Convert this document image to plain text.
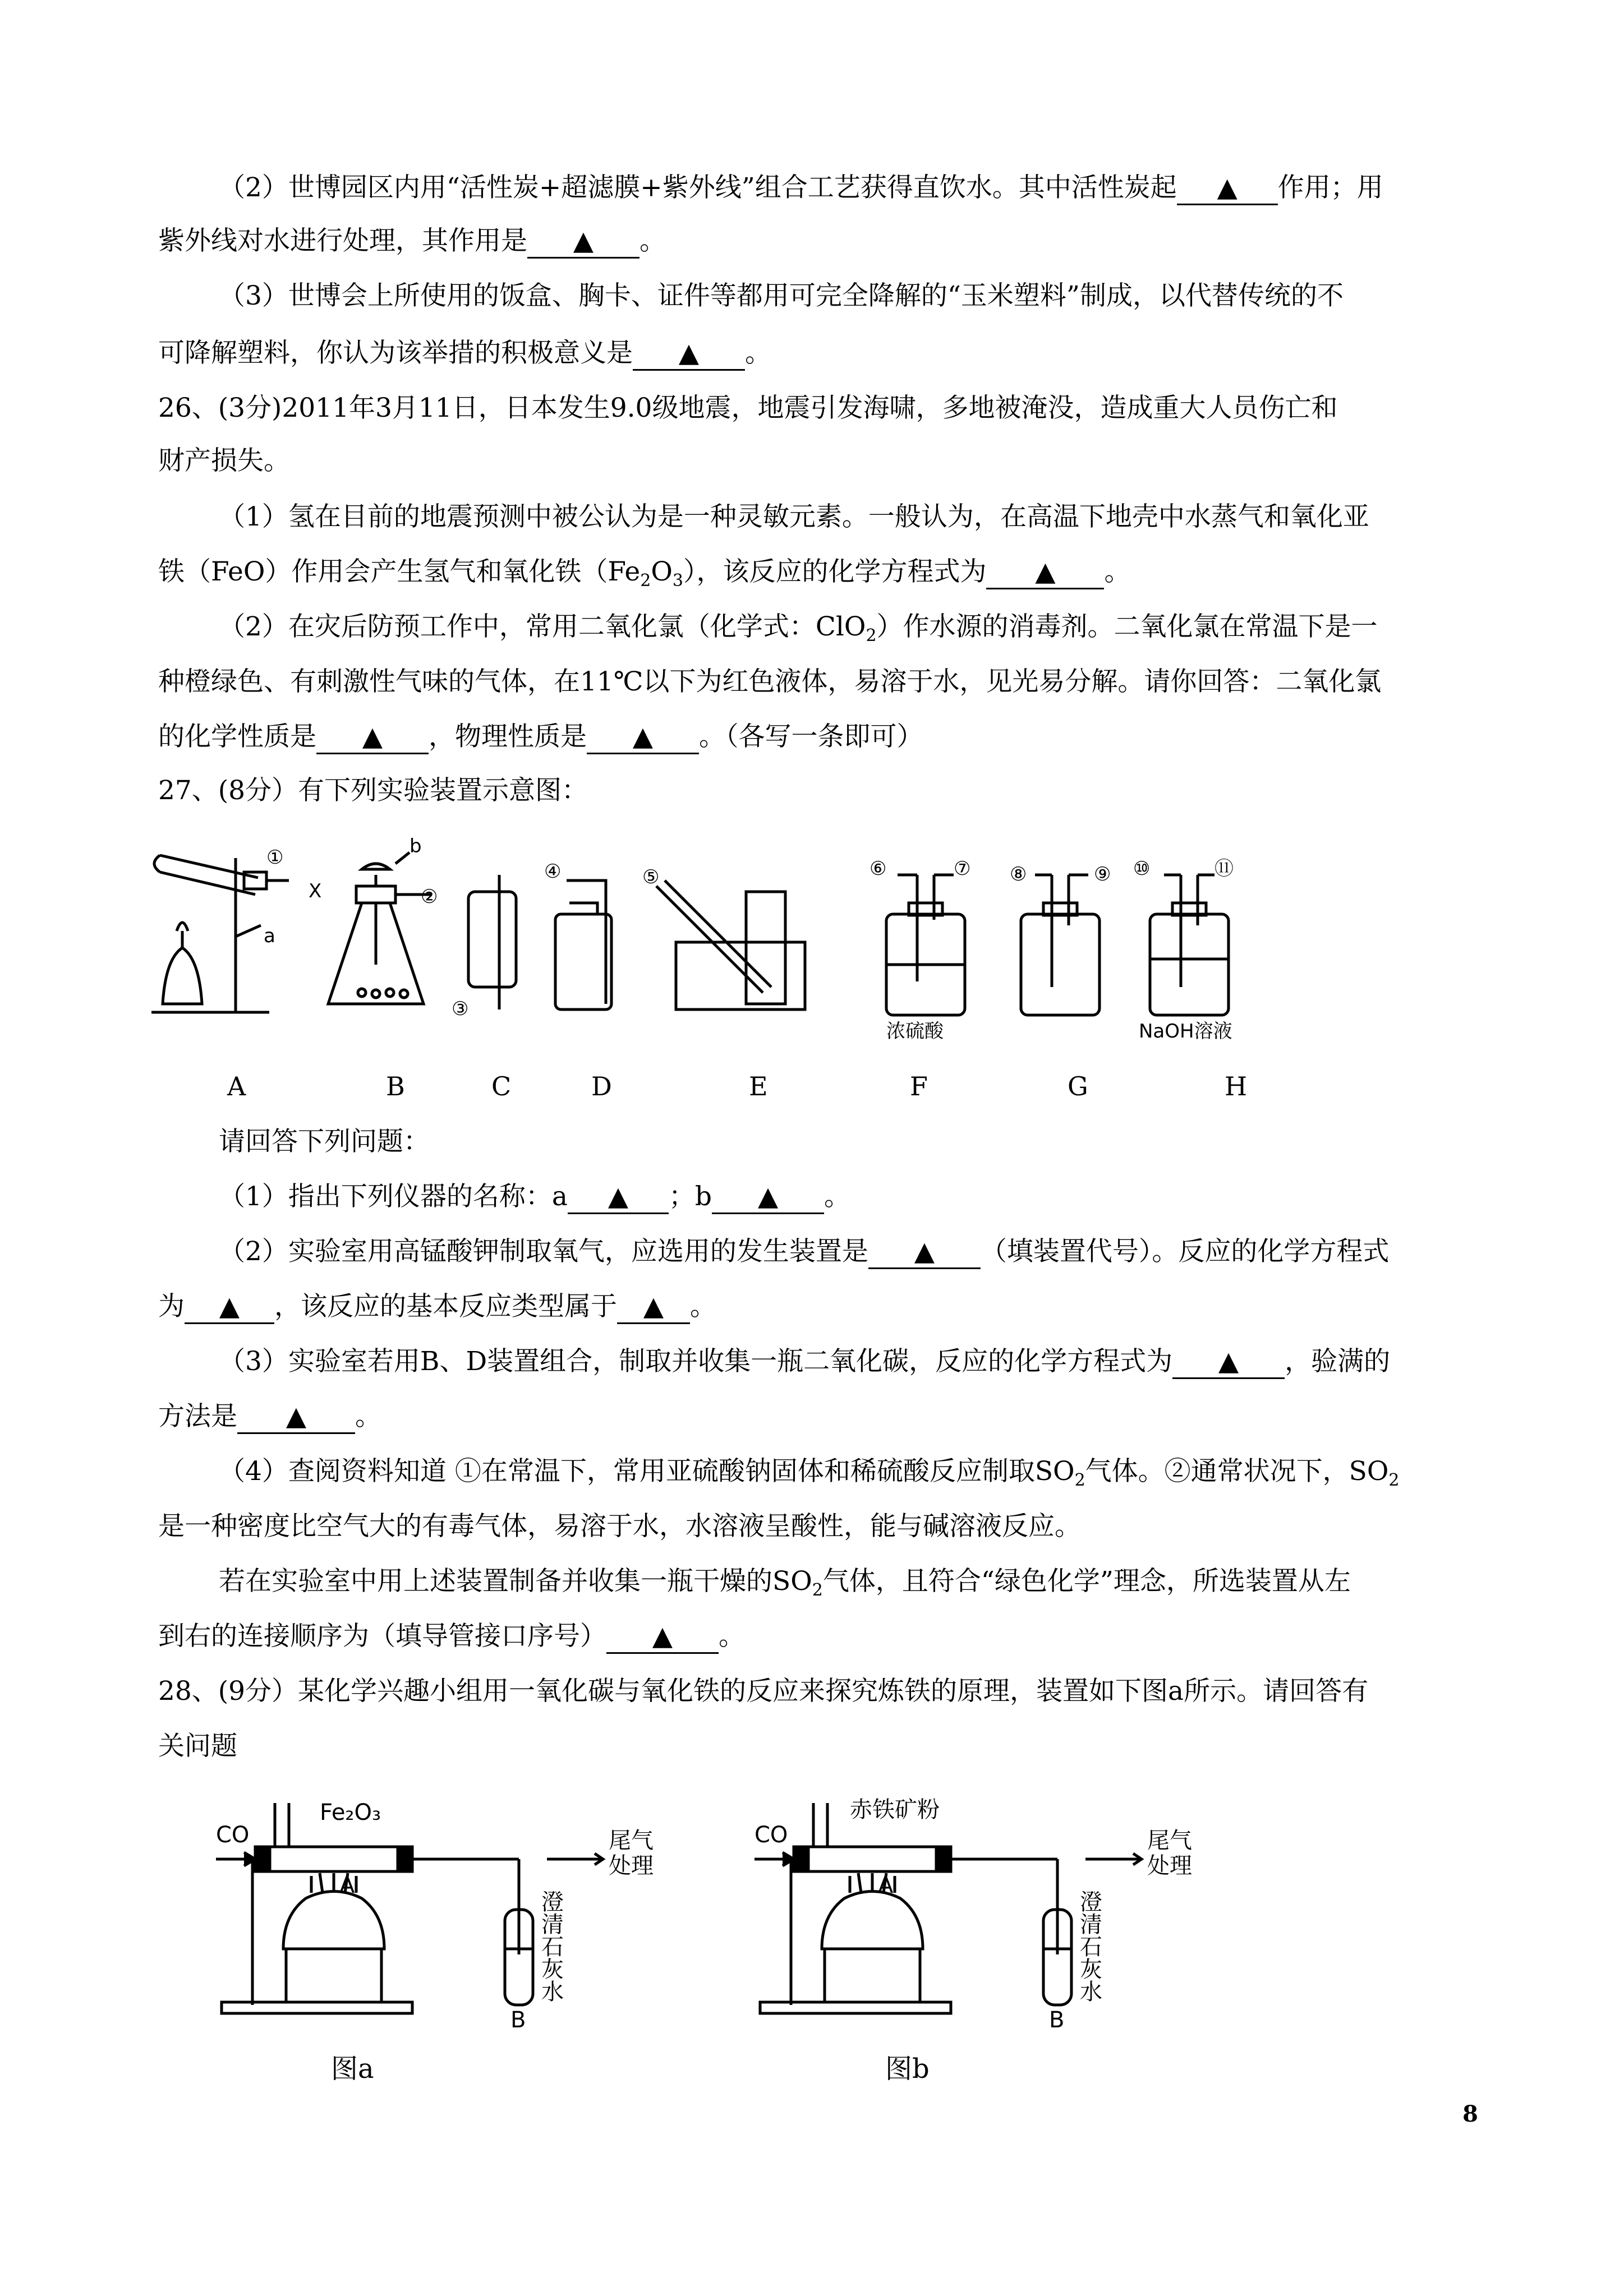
（2）世博园区内用“活性炭+超滤膜+紫外线”组合工艺获得直饮水。其中活性炭起 ▲ 作用；用
紫外线对水进行处理，其作用是 ▲ 。
（3）世博会上所使用的饭盒、胸卡、证件等都用可完全降解的“玉米塑料”制成，以代替传统的不
可降解塑料，你认为该举措的积极意义是 ▲ 。
26、(3分)2011年3月11日，日本发生9.0级地震，地震引发海啸，多地被淹没，造成重大人员伤亡和
财产损失。
（1）氢在目前的地震预测中被公认为是一种灵敏元素。一般认为，在高温下地壳中水蒸气和氧化亚
铁（FeO）作用会产生氢气和氧化铁$(Fe_2O_3)$，该反应的化学方程式为 ▲ 。
（2）在灾后防预工作中，常用二氧化氯（化学式：ClO$_2$）作水源的消毒剂。二氧化氯在常温下是一
种橙绿色、有刺激性气味的气体，在11℃以下为红色液体，易溶于水，见光易分解。请你回答：二氧化氯
的化学性质是 ▲ ，物理性质是 ▲ 。（各写一条即可）
27、(8分）有下列实验装置示意图：
①
②
③
④	⑤	⑥	⑦ ⑧	⑨ ⑩	⑪
a
b
X
浓硫酸	NaOH溶液
A	B	C	D	E	F	G	H
请回答下列问题：
（1）指出下列仪器的名称：a ▲ ；b ▲ 。
（2）实验室用高锰酸钾制取氧气，应选用的发生装置是 ▲ （填装置代号）。反应的化学方程式
为 ▲ ，该反应的基本反应类型属于 ▲ 。
（3）实验室若用B、D装置组合，制取并收集一瓶二氧化碳，反应的化学方程式为 ▲ ，验满的
方法是 ▲ 。
（4）查阅资料知道 ①在常温下，常用亚硫酸钠固体和稀硫酸反应制取$SO_2$气体。②通常状况下，$SO_2$
是一种密度比空气大的有毒气体，易溶于水，水溶液呈酸性，能与碱溶液反应。
若在实验室中用上述装置制备并收集一瓶干燥的$SO_2$气体，且符合“绿色化学”理念，所选装置从左
到右的连接顺序为（填导管接口序号） ▲ 。
28、(9分）某化学兴趣小组用一氧化碳与氧化铁的反应来探究炼铁的原理，装置如下图a所示。请回答有
关问题
CO
Fe₂O₃
A
尾气
处理
澄
清
石
灰
水
B
CO
赤铁矿粉
A
尾气
处理
澄
清
石
灰
水
B
图a	图b
8
